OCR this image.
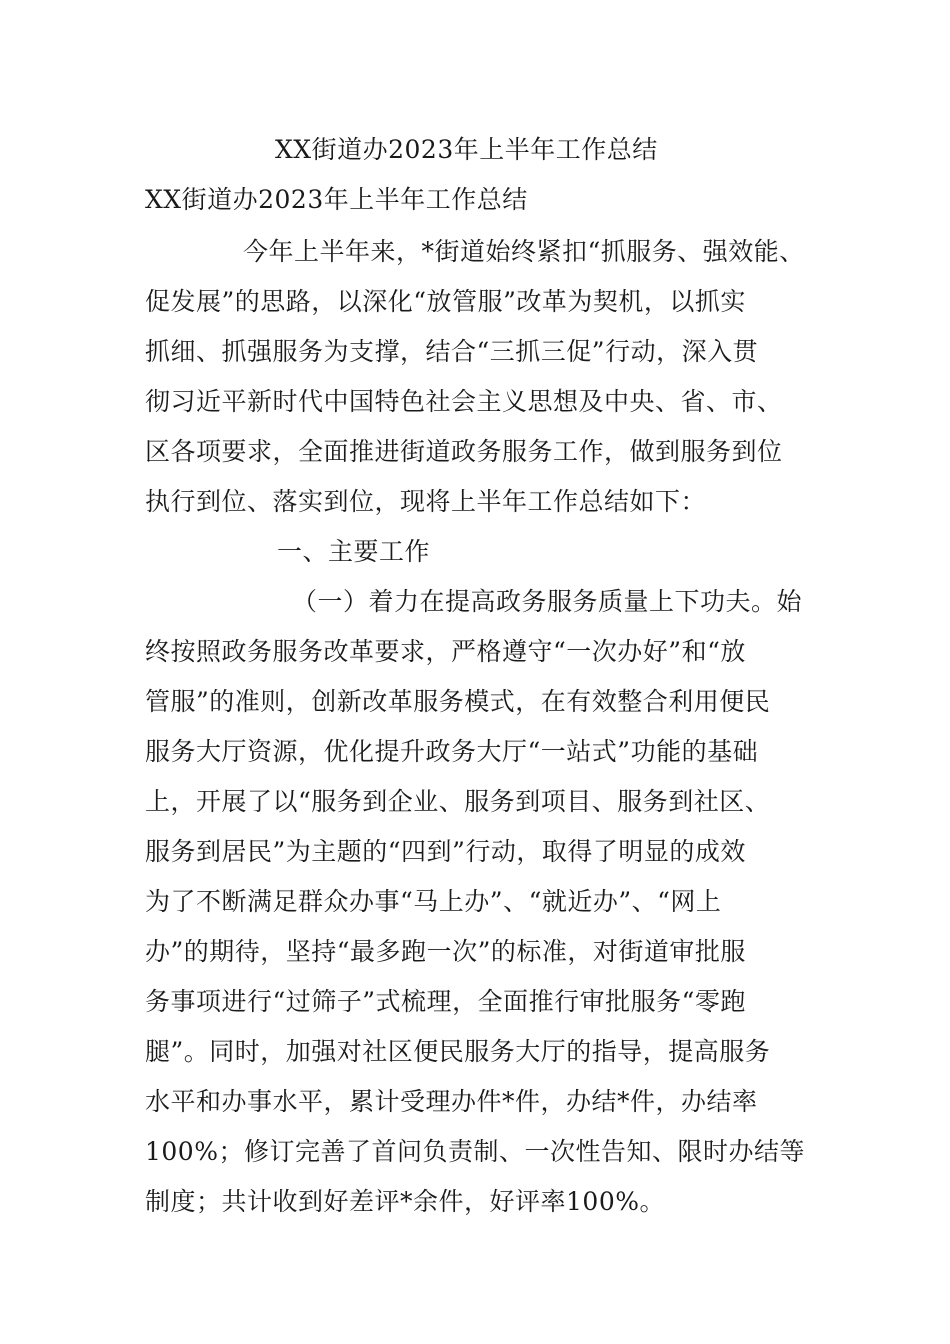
XX街道办2023年上半年工作总结
XX街道办2023年上半年工作总结
今年上半年来，*街道始终紧扣“抓服务、强效能、
促发展”的思路，以深化“放管服”改革为契机，以抓实
抓细、抓强服务为支撑，结合“三抓三促”行动，深入贯
彻习近平新时代中国特色社会主义思想及中央、省、市、
区各项要求，全面推进街道政务服务工作，做到服务到位
执行到位、落实到位，现将上半年工作总结如下：
一、主要工作
（一）着力在提高政务服务质量上下功夫。始
终按照政务服务改革要求，严格遵守“一次办好”和“放
管服”的准则，创新改革服务模式，在有效整合利用便民
服务大厅资源，优化提升政务大厅“一站式”功能的基础
上，开展了以“服务到企业、服务到项目、服务到社区、
服务到居民”为主题的“四到”行动，取得了明显的成效
为了不断满足群众办事“马上办”、“就近办”、“网上
办”的期待，坚持“最多跑一次”的标准，对街道审批服
务事项进行“过筛子”式梳理，全面推行审批服务“零跑
腿”。同时，加强对社区便民服务大厅的指导，提高服务
水平和办事水平，累计受理办件*件，办结*件，办结率
100%；修订完善了首问负责制、一次性告知、限时办结等
制度；共计收到好差评*余件，好评率100%。
